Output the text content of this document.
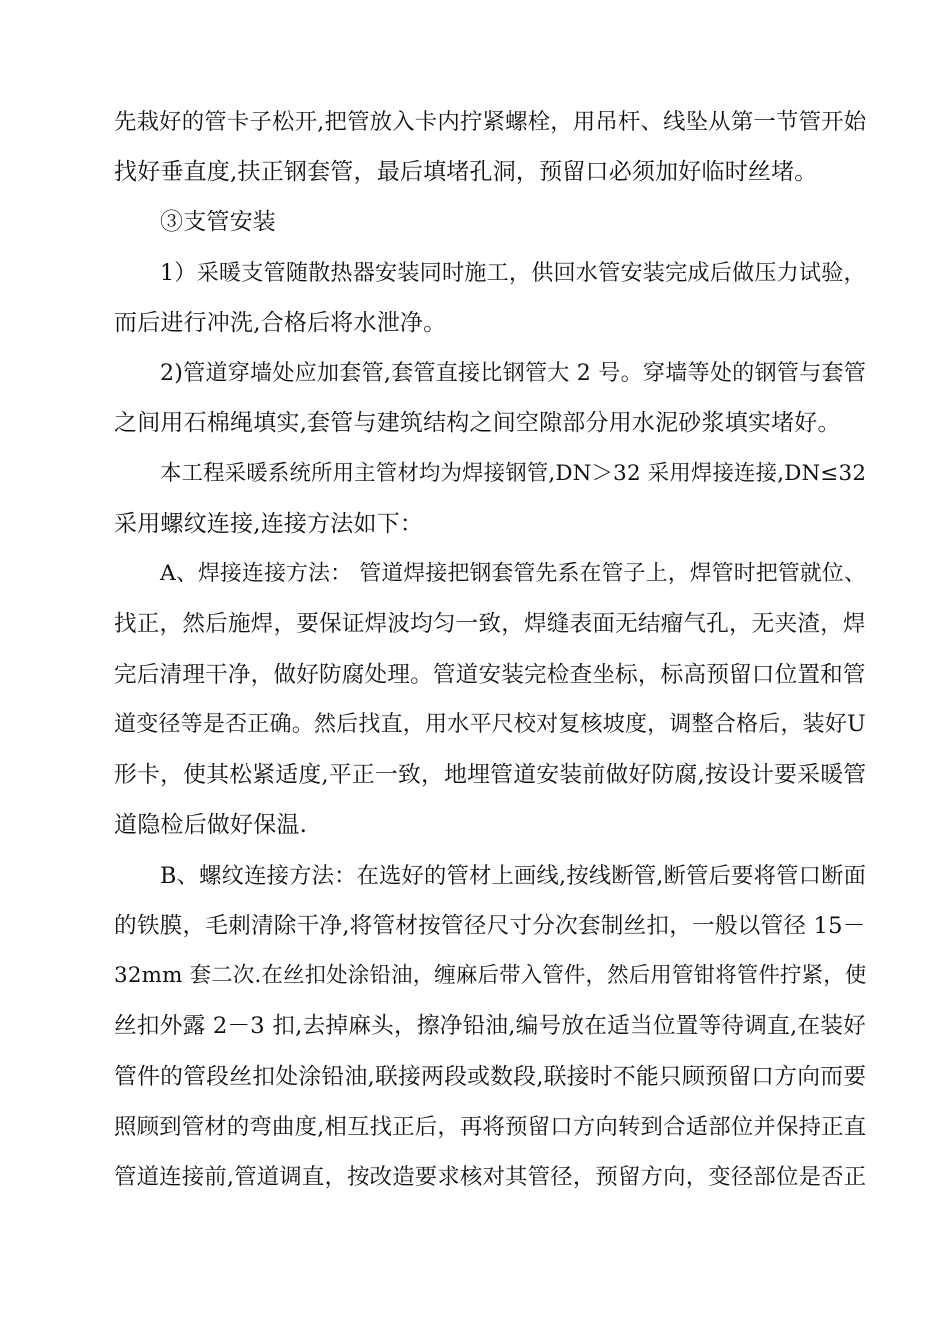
先栽好的管卡子松开,把管放入卡内拧紧螺栓，用吊杆、线坠从第一节管开始
找好垂直度,扶正钢套管，最后填堵孔洞，预留口必须加好临时丝堵。
③支管安装
1）采暖支管随散热器安装同时施工，供回水管安装完成后做压力试验，
而后进行冲洗,合格后将水泄净。
2)管道穿墙处应加套管,套管直接比钢管大 2 号。穿墙等处的钢管与套管
之间用石棉绳填实,套管与建筑结构之间空隙部分用水泥砂浆填实堵好。
本工程采暖系统所用主管材均为焊接钢管,DN＞32 采用焊接连接,DN≤32
采用螺纹连接,连接方法如下：
A、焊接连接方法： 管道焊接把钢套管先系在管子上，焊管时把管就位、
找正，然后施焊，要保证焊波均匀一致，焊缝表面无结瘤气孔，无夹渣，焊
完后清理干净，做好防腐处理。管道安装完检查坐标，标高预留口位置和管
道变径等是否正确。然后找直，用水平尺校对复核坡度，调整合格后，装好U
形卡，使其松紧适度,平正一致，地埋管道安装前做好防腐,按设计要采暖管
道隐检后做好保温.
B、螺纹连接方法：在选好的管材上画线,按线断管,断管后要将管口断面
的铁膜，毛刺清除干净,将管材按管径尺寸分次套制丝扣，一般以管径 15－
32mm 套二次.在丝扣处涂铅油，缠麻后带入管件，然后用管钳将管件拧紧，使
丝扣外露 2－3 扣,去掉麻头，擦净铅油,编号放在适当位置等待调直,在装好
管件的管段丝扣处涂铅油,联接两段或数段,联接时不能只顾预留口方向而要
照顾到管材的弯曲度,相互找正后，再将预留口方向转到合适部位并保持正直
管道连接前,管道调直，按改造要求核对其管径，预留方向，变径部位是否正
